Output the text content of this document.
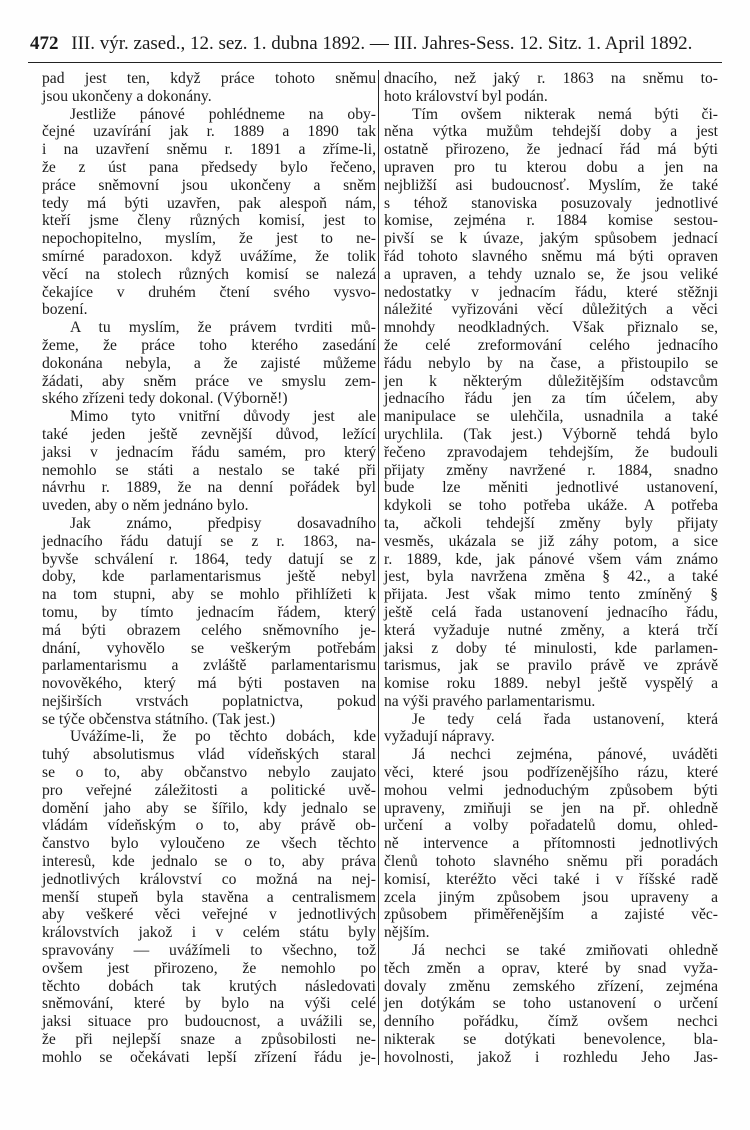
472 III. výr. zased., 12. sez. 1. dubna 1892. — III. Jahres-Sess. 12. Sitz. 1. April 1892.
pad jest ten, když práce tohoto sněmu
jsou ukončeny a dokonány.
Jestliže pánové pohlédneme na oby-
čejné uzavírání jak r. 1889 a 1890 tak
i na uzavření sněmu r. 1891 a zříme-li,
že z úst pana předsedy bylo řečeno,
práce sněmovní jsou ukončeny a sněm
tedy má býti uzavřen, pak alespoň nám,
kteří jsme členy různých komisí, jest to
nepochopitelno, myslím, že jest to ne-
smírné paradoxon. když uvážíme, že tolik
věcí na stolech různých komisí se nalezá
čekajíce v druhém čtení svého vysvo-
bození.
A tu myslím, že právem tvrditi mů-
žeme, že práce toho kterého zasedání
dokonána nebyla, a že zajisté můžeme
žádati, aby sněm práce ve smyslu zem-
ského zřízeni tedy dokonal. (Výborně!)
Mimo tyto vnitřní důvody jest ale
také jeden ještě zevnější důvod, ležící
jaksi v jednacím řádu samém, pro který
nemohlo se státi a nestalo se také při
návrhu r. 1889, že na denní pořádek byl
uveden, aby o něm jednáno bylo.
Jak známo, předpisy dosavadního
jednacího řádu datují se z r. 1863, na-
byvše schválení r. 1864, tedy datují se z
doby, kde parlamentarismus ještě nebyl
na tom stupni, aby se mohlo přihlížeti k
tomu, by tímto jednacím řádem, který
má býti obrazem celého sněmovního je-
dnání, vyhovělo se veškerým potřebám
parlamentarismu a zvláště parlamentarismu
novověkého, který má býti postaven na
nejširších vrstvách poplatnictva, pokud
se týče občenstva státního. (Tak jest.)
Uvážíme-li, že po těchto dobách, kde
tuhý absolutismus vlád vídeňských staral
se o to, aby občanstvo nebylo zaujato
pro veřejné záležitosti a politické uvě-
domění jaho aby se šířilo, kdy jednalo se
vládám vídeňským o to, aby právě ob-
čanstvo bylo vyloučeno ze všech těchto
interesů, kde jednalo se o to, aby práva
jednotlivých království co možná na nej-
menší stupeň byla stavěna a centralismem
aby veškeré věci veřejné v jednotlivých
královstvích jakož i v celém státu byly
spravovány — uvážímeli to všechno, tož
ovšem jest přirozeno, že nemohlo po
těchto dobách tak krutých následovati
sněmování, které by bylo na výši celé
jaksi situace pro budoucnost, a uvážili se,
že při nejlepší snaze a způsobilosti ne-
mohlo se očekávati lepší zřízení řádu je-
dnacího, než jaký r. 1863 na sněmu to-
hoto království byl podán.
Tím ovšem nikterak nemá býti či-
něna výtka mužům tehdejší doby a jest
ostatně přirozeno, že jednací řád má býti
upraven pro tu kterou dobu a jen na
nejbližší asi budoucnosť. Myslím, že také
s téhož stanoviska posuzovaly jednotlivé
komise, zejména r. 1884 komise sestou-
pivší se k úvaze, jakým spůsobem jednací
řád tohoto slavného sněmu má býti opraven
a upraven, a tehdy uznalo se, že jsou veliké
nedostatky v jednacím řádu, které stěžnji
náležité vyřizováni věcí důležitých a věci
mnohdy neodkladných. Však přiznalo se,
že celé zreformování celého jednacího
řádu nebylo by na čase, a přistoupilo se
jen k některým důležitějším odstavcům
jednacího řádu jen za tím účelem, aby
manipulace se ulehčila, usnadnila a také
urychlila. (Tak jest.) Výborně tehdá bylo
řečeno zpravodajem tehdejším, že budouli
přijaty změny navržené r. 1884, snadno
bude lze měniti jednotlivé ustanovení,
kdykoli se toho potřeba ukáže. A potřeba
ta, ačkoli tehdejší změny byly přijaty
vesměs, ukázala se již záhy potom, a sice
r. 1889, kde, jak pánové všem vám známo
jest, byla navržena změna § 42., a také
přijata. Jest však mimo tento zmíněný §
ještě celá řada ustanovení jednacího řádu,
která vyžaduje nutné změny, a která trčí
jaksi z doby té minulosti, kde parlamen-
tarismus, jak se pravilo právě ve zprávě
komise roku 1889. nebyl ještě vyspělý a
na výši pravého parlamentarismu.
Je tedy celá řada ustanovení, která
vyžadují nápravy.
Já nechci zejména, pánové, uváděti
věci, které jsou podřízenějšího rázu, které
mohou velmi jednoduchým způsobem býti
upraveny, zmiňuji se jen na př. ohledně
určení a volby pořadatelů domu, ohled-
ně intervence a přítomnosti jednotlivých
členů tohoto slavného sněmu při poradách
komisí, kteréžto věci také i v říšské radě
zcela jiným způsobem jsou upraveny a
způsobem přiměřenějším a zajisté věc-
nějším.
Já nechci se také zmiňovati ohledně
těch změn a oprav, které by snad vyža-
dovaly změnu zemského zřízení, zejména
jen dotýkám se toho ustanovení o určení
denního pořádku, čímž ovšem nechci
nikterak se dotýkati benevolence, bla-
hovolnosti, jakož i rozhledu Jeho Jas-
